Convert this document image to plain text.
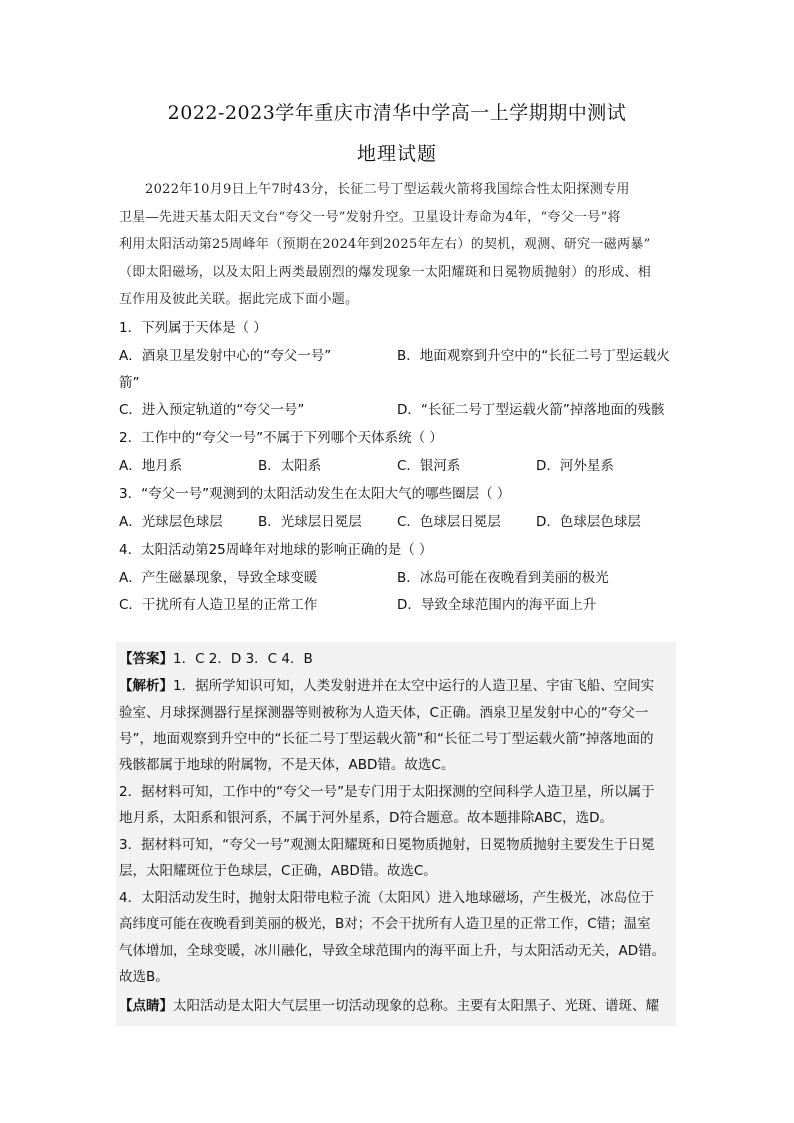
2022-2023学年重庆市清华中学高一上学期期中测试
地理试题
2022年10月9日上午7时43分，长征二号丁型运载火箭将我国综合性太阳探测专用
卫星—先进天基太阳天文台“夸父一号”发射升空。卫星设计寿命为4年，“夸父一号”将
利用太阳活动第25周峰年（预期在2024年到2025年左右）的契机，观测、研究一磁两暴”
（即太阳磁场，以及太阳上两类最剧烈的爆发现象一太阳耀斑和日冕物质抛射）的形成、相
互作用及彼此关联。据此完成下面小题。
1．下列属于天体是（ ）
A．酒泉卫星发射中心的“夸父一号”	B．地面观察到升空中的“长征二号丁型运载火
箭”
C．进入预定轨道的“夸父一号”	D．“长征二号丁型运载火箭”掉落地面的残骸
2．工作中的“夸父一号”不属于下列哪个天体系统（ ）
A．地月系	B．太阳系	C．银河系	D．河外星系
3．“夸父一号”观测到的太阳活动发生在太阳大气的哪些圈层（ ）
A．光球层色球层	B．光球层日冕层	C．色球层日冕层	D．色球层色球层
4．太阳活动第25周峰年对地球的影响正确的是（ ）
A．产生磁暴现象，导致全球变暖	B．冰岛可能在夜晚看到美丽的极光
C．干扰所有人造卫星的正常工作	D．导致全球范围内的海平面上升
【答案】1．C 2．D 3．C 4．B
【解析】1．据所学知识可知，人类发射进并在太空中运行的人造卫星、宇宙飞船、空间实
验室、月球探测器行星探测器等则被称为人造天体，C正确。酒泉卫星发射中心的“夸父一
号”，地面观察到升空中的“长征二号丁型运载火箭”和“长征二号丁型运载火箭”掉落地面的
残骸都属于地球的附属物，不是天体，ABD错。故选C。
2．据材料可知，工作中的“夸父一号”是专门用于太阳探测的空间科学人造卫星，所以属于
地月系，太阳系和银河系，不属于河外星系，D符合题意。故本题排除ABC，选D。
3．据材料可知，“夸父一号”观测太阳耀斑和日冕物质抛射，日冕物质抛射主要发生于日冕
层，太阳耀斑位于色球层，C正确，ABD错。故选C。
4．太阳活动发生时，抛射太阳带电粒子流（太阳风）进入地球磁场，产生极光，冰岛位于
高纬度可能在夜晚看到美丽的极光，B对；不会干扰所有人造卫星的正常工作，C错；温室
气体增加，全球变暖，冰川融化，导致全球范围内的海平面上升，与太阳活动无关，AD错。
故选B。
【点睛】太阳活动是太阳大气层里一切活动现象的总称。主要有太阳黑子、光斑、谱斑、耀
